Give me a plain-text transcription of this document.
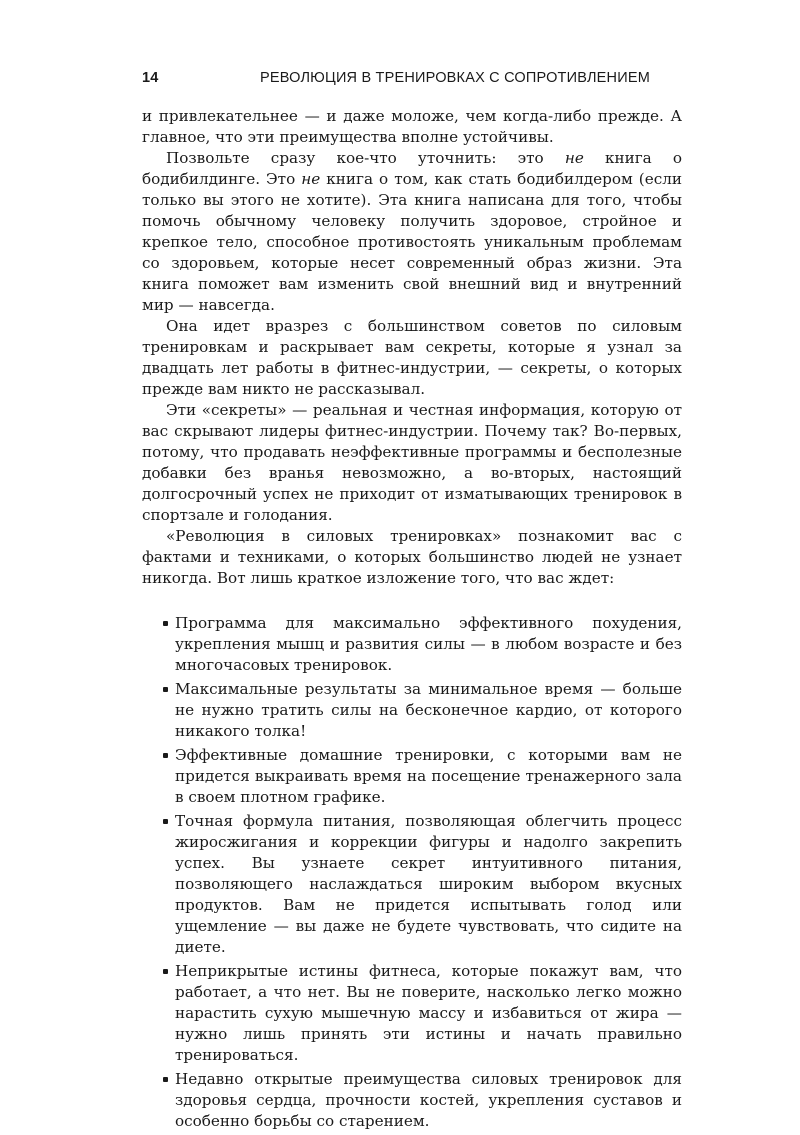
14	РЕВОЛЮЦИЯ В ТРЕНИРОВКАХ С СОПРОТИВЛЕНИЕМ

и привлекательнее — и даже моложе, чем когда-либо прежде. А главное, что эти преимущества вполне устойчивы.

Позвольте сразу кое-что уточнить: это не книга о бодибилдинге. Это не книга о том, как стать бодибилдером (если только вы этого не хотите). Эта книга написана для того, чтобы помочь обычному человеку получить здоровое, стройное и крепкое тело, способное противостоять уникальным проблемам со здоровьем, которые несет современный образ жизни. Эта книга поможет вам изменить свой внешний вид и внутренний мир — навсегда.

Она идет вразрез с большинством советов по силовым тренировкам и раскрывает вам секреты, которые я узнал за двадцать лет работы в фитнес-индустрии, — секреты, о которых прежде вам никто не рассказывал.

Эти «секреты» — реальная и честная информация, которую от вас скрывают лидеры фитнес-индустрии. Почему так? Во-первых, потому, что продавать неэффективные программы и бесполезные добавки без вранья невозможно, а во-вторых, настоящий долгосрочный успех не приходит от изматывающих тренировок в спортзале и голодания.

«Революция в силовых тренировках» познакомит вас с фактами и техниками, о которых большинство людей не узнает никогда. Вот лишь краткое изложение того, что вас ждет:

Программа для максимально эффективного похудения, укрепления мышц и развития силы — в любом возрасте и без многочасовых тренировок.
Максимальные результаты за минимальное время — больше не нужно тратить силы на бесконечное кардио, от которого никакого толка!
Эффективные домашние тренировки, с которыми вам не придется выкраивать время на посещение тренажерного зала в своем плотном графике.
Точная формула питания, позволяющая облегчить процесс жиросжигания и коррекции фигуры и надолго закрепить успех. Вы узнаете секрет интуитивного питания, позволяющего наслаждаться широким выбором вкусных продуктов. Вам не придется испытывать голод или ущемление — вы даже не будете чувствовать, что сидите на диете.
Неприкрытые истины фитнеса, которые покажут вам, что работает, а что нет. Вы не поверите, насколько легко можно нарастить сухую мышечную массу и избавиться от жира — нужно лишь принять эти истины и начать правильно тренироваться.
Недавно открытые преимущества силовых тренировок для здоровья сердца, прочности костей, укрепления суставов и особенно борьбы со старением.
